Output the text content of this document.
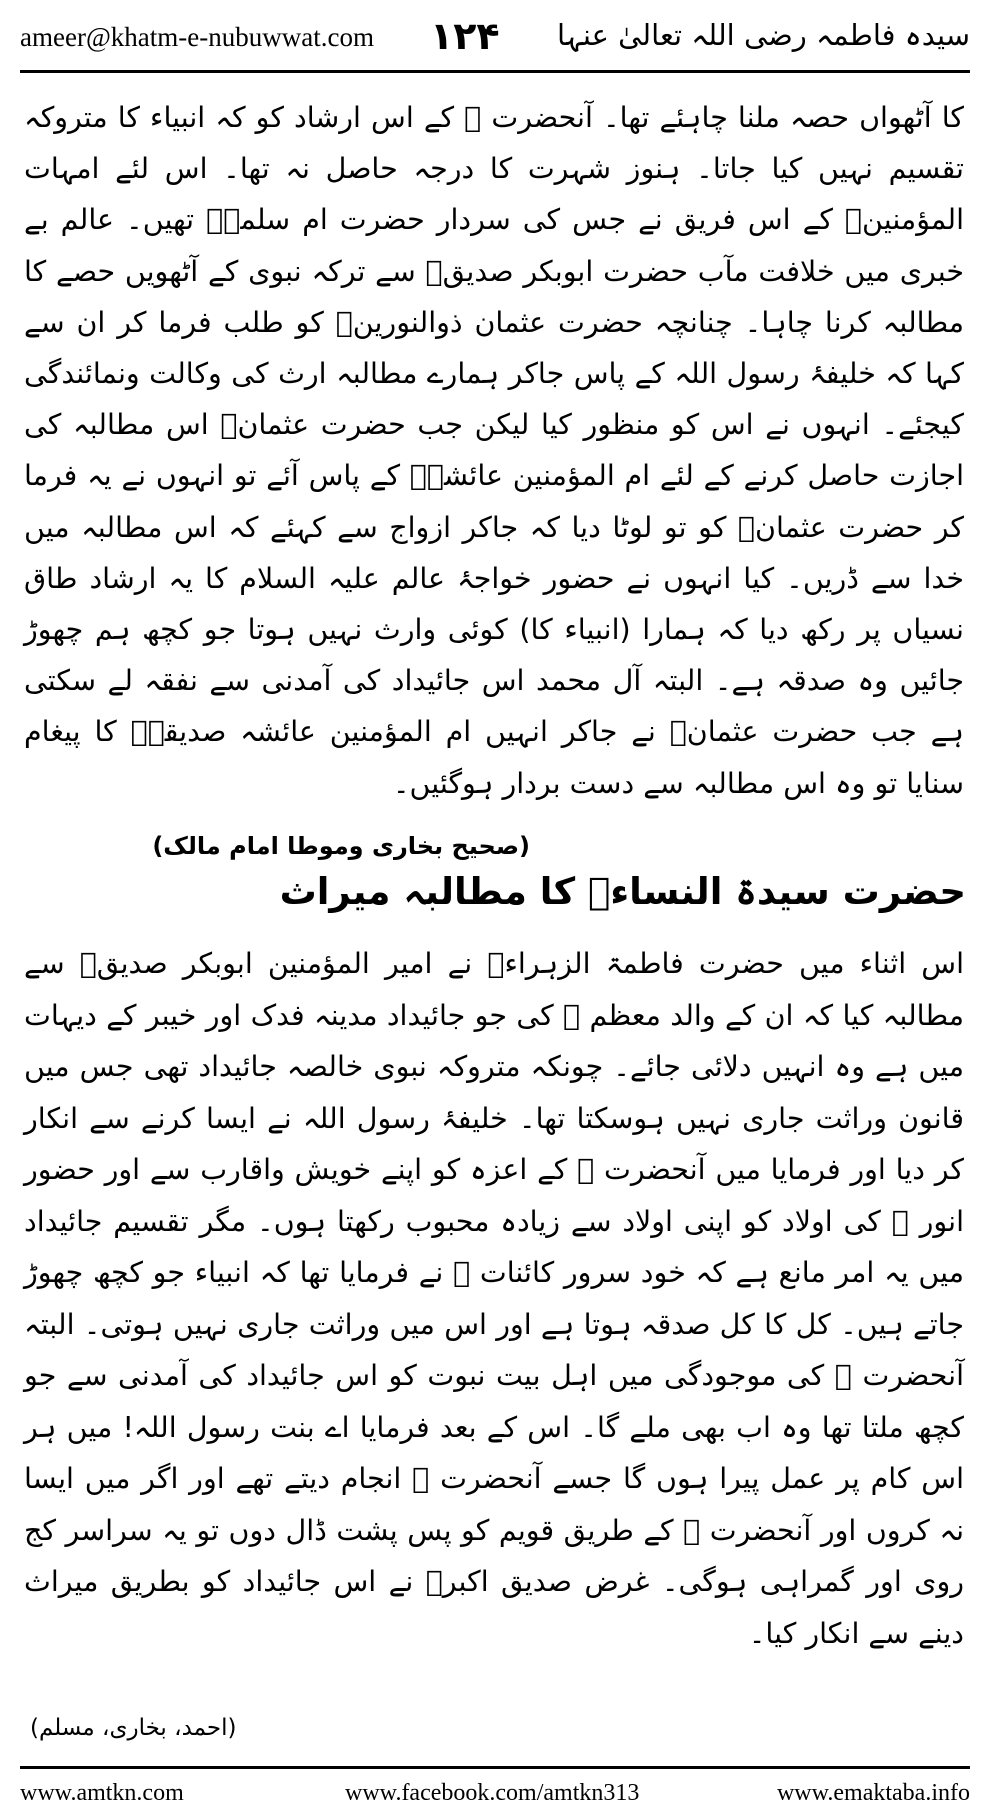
ameer@khatm-e-nubuwwat.com ۱۲۴ سیدہ فاطمہ رضی اللہ تعالیٰ عنہا
کا آٹھواں حصہ ملنا چاہئے تھا۔ آنحضرت ﷺ کے اس ارشاد کو کہ انبیاء کا متروکہ تقسیم نہیں کیا جاتا۔ ہنوز شہرت کا درجہ حاصل نہ تھا۔ اس لئے امہات المؤمنینؓ کے اس فریق نے جس کی سردار حضرت ام سلمہؓ تھیں۔ عالم بے خبری میں خلافت مآب حضرت ابوبکر صدیقؓ سے ترکہ نبوی کے آٹھویں حصے کا مطالبہ کرنا چاہا۔ چنانچہ حضرت عثمان ذوالنورینؓ کو طلب فرما کر ان سے کہا کہ خلیفۂ رسول اللہ کے پاس جاکر ہمارے مطالبہ ارث کی وکالت ونمائندگی کیجئے۔ انہوں نے اس کو منظور کیا لیکن جب حضرت عثمانؓ اس مطالبہ کی اجازت حاصل کرنے کے لئے ام المؤمنین عائشہؓ کے پاس آئے تو انہوں نے یہ فرما کر حضرت عثمانؓ کو تو لوٹا دیا کہ جاکر ازواج سے کہئے کہ اس مطالبہ میں خدا سے ڈریں۔ کیا انہوں نے حضور خواجۂ عالم علیہ السلام کا یہ ارشاد طاق نسیاں پر رکھ دیا کہ ہمارا (انبیاء کا) کوئی وارث نہیں ہوتا جو کچھ ہم چھوڑ جائیں وہ صدقہ ہے۔ البتہ آل محمد اس جائیداد کی آمدنی سے نفقہ لے سکتی ہے جب حضرت عثمانؓ نے جاکر انہیں ام المؤمنین عائشہ صدیقہؓ کا پیغام سنایا تو وہ اس مطالبہ سے دست بردار ہوگئیں۔
(صحیح بخاری وموطا امام مالک)
حضرت سیدۃ النساءؓ کا مطالبہ میراث
اس اثناء میں حضرت فاطمۃ الزہراءؓ نے امیر المؤمنین ابوبکر صدیقؓ سے مطالبہ کیا کہ ان کے والد معظم ﷺ کی جو جائیداد مدینہ فدک اور خیبر کے دیہات میں ہے وہ انہیں دلائی جائے۔ چونکہ متروکہ نبوی خالصہ جائیداد تھی جس میں قانون وراثت جاری نہیں ہوسکتا تھا۔ خلیفۂ رسول اللہ نے ایسا کرنے سے انکار کر دیا اور فرمایا میں آنحضرت ﷺ کے اعزہ کو اپنے خویش واقارب سے اور حضور انور ﷺ کی اولاد کو اپنی اولاد سے زیادہ محبوب رکھتا ہوں۔ مگر تقسیم جائیداد میں یہ امر مانع ہے کہ خود سرور کائنات ﷺ نے فرمایا تھا کہ انبیاء جو کچھ چھوڑ جاتے ہیں۔ کل کا کل صدقہ ہوتا ہے اور اس میں وراثت جاری نہیں ہوتی۔ البتہ آنحضرت ﷺ کی موجودگی میں اہل بیت نبوت کو اس جائیداد کی آمدنی سے جو کچھ ملتا تھا وہ اب بھی ملے گا۔ اس کے بعد فرمایا اے بنت رسول اللہ! میں ہر اس کام پر عمل پیرا ہوں گا جسے آنحضرت ﷺ انجام دیتے تھے اور اگر میں ایسا نہ کروں اور آنحضرت ﷺ کے طریق قویم کو پس پشت ڈال دوں تو یہ سراسر کج روی اور گمراہی ہوگی۔ غرض صدیق اکبرؓ نے اس جائیداد کو بطریق میراث دینے سے انکار کیا۔
(احمد، بخاری، مسلم)
www.amtkn.com	www.facebook.com/amtkn313	www.emaktaba.info
